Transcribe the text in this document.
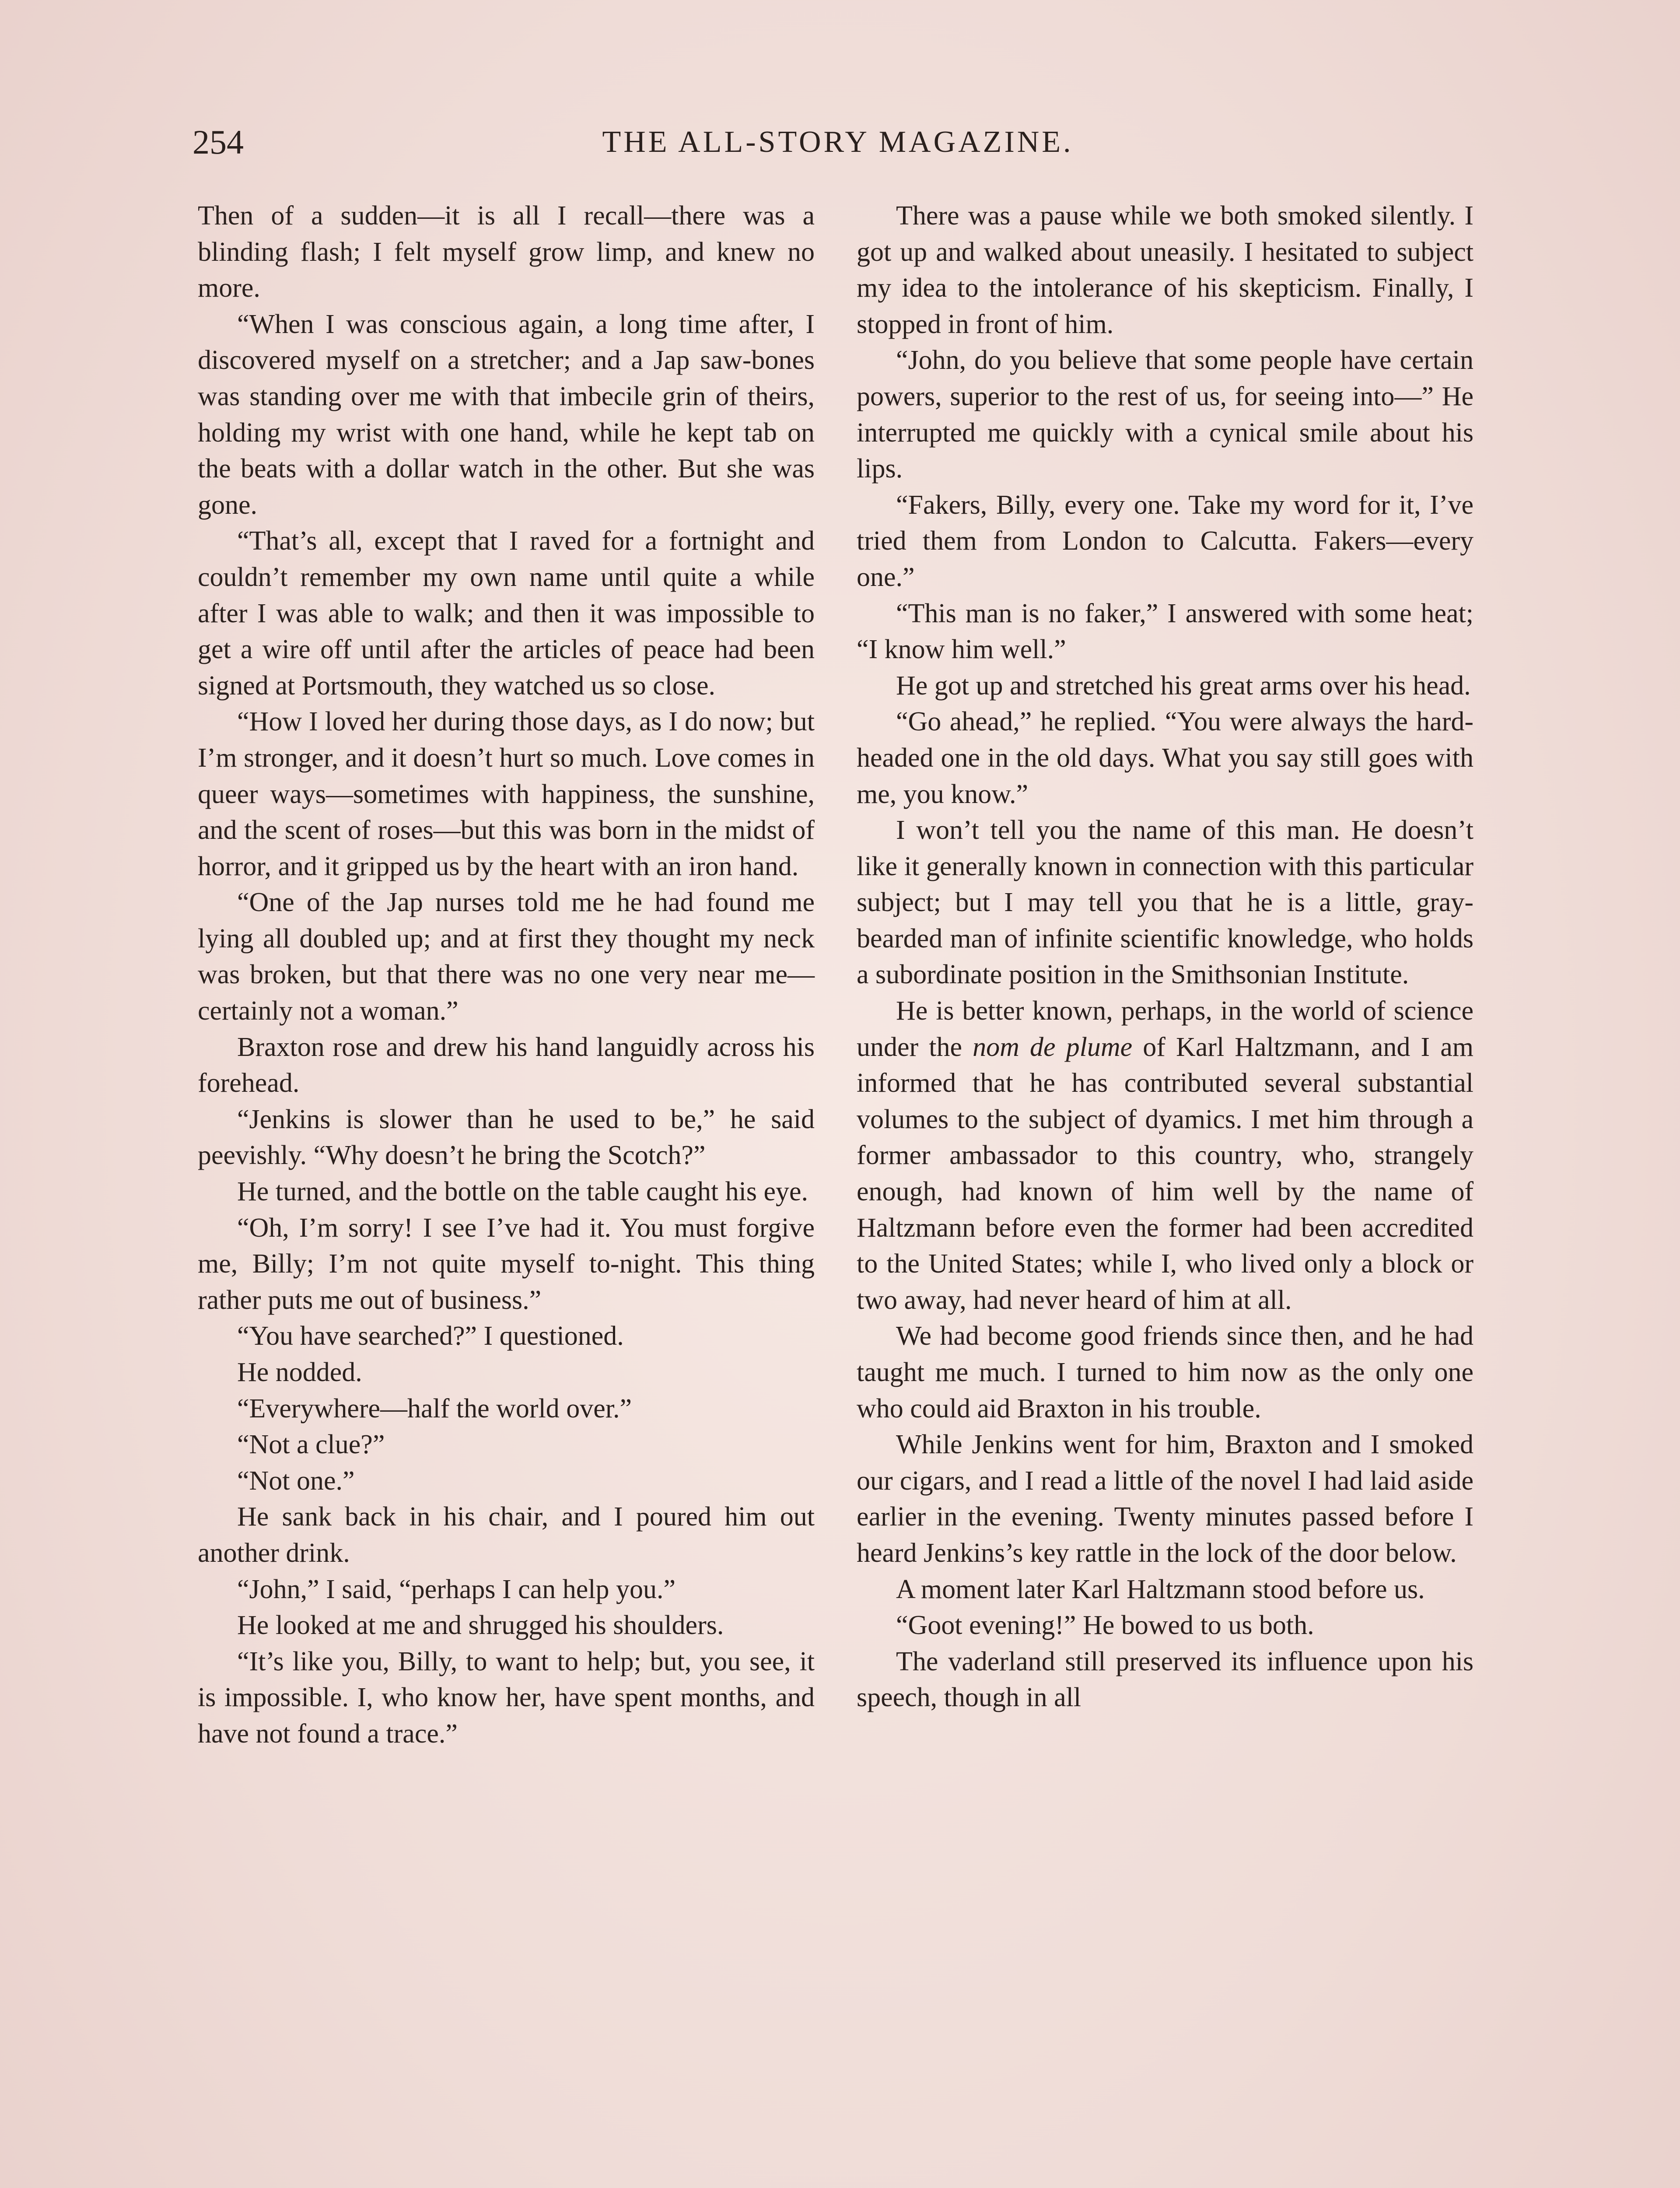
254	THE ALL-STORY MAGAZINE.

Then of a sudden—it is all I recall—there was a blinding flash; I felt myself grow limp, and knew no more.

“When I was conscious again, a long time after, I discovered myself on a stretcher; and a Jap saw-bones was standing over me with that imbecile grin of theirs, holding my wrist with one hand, while he kept tab on the beats with a dollar watch in the other. But she was gone.

“That’s all, except that I raved for a fortnight and couldn’t remember my own name until quite a while after I was able to walk; and then it was impossible to get a wire off until after the articles of peace had been signed at Portsmouth, they watched us so close.

“How I loved her during those days, as I do now; but I’m stronger, and it doesn’t hurt so much. Love comes in queer ways—sometimes with happiness, the sunshine, and the scent of roses—but this was born in the midst of horror, and it gripped us by the heart with an iron hand.

“One of the Jap nurses told me he had found me lying all doubled up; and at first they thought my neck was broken, but that there was no one very near me—certainly not a woman.”

Braxton rose and drew his hand languidly across his forehead.

“Jenkins is slower than he used to be,” he said peevishly. “Why doesn’t he bring the Scotch?”

He turned, and the bottle on the table caught his eye.

“Oh, I’m sorry! I see I’ve had it. You must forgive me, Billy; I’m not quite myself to-night. This thing rather puts me out of business.”

“You have searched?” I questioned.

He nodded.

“Everywhere—half the world over.”

“Not a clue?”

“Not one.”

He sank back in his chair, and I poured him out another drink.

“John,” I said, “perhaps I can help you.”

He looked at me and shrugged his shoulders.

“It’s like you, Billy, to want to help; but, you see, it is impossible. I, who know her, have spent months, and have not found a trace.”

There was a pause while we both smoked silently. I got up and walked about uneasily. I hesitated to subject my idea to the intolerance of his skepticism. Finally, I stopped in front of him.

“John, do you believe that some people have certain powers, superior to the rest of us, for seeing into—” He interrupted me quickly with a cynical smile about his lips.

“Fakers, Billy, every one. Take my word for it, I’ve tried them from London to Calcutta. Fakers—every one.”

“This man is no faker,” I answered with some heat; “I know him well.”

He got up and stretched his great arms over his head.

“Go ahead,” he replied. “You were always the hard-headed one in the old days. What you say still goes with me, you know.”

I won’t tell you the name of this man. He doesn’t like it generally known in connection with this particular subject; but I may tell you that he is a little, gray-bearded man of infinite scientific knowledge, who holds a subordinate position in the Smithsonian Institute.

He is better known, perhaps, in the world of science under the nom de plume of Karl Haltzmann, and I am informed that he has contributed several substantial volumes to the subject of dyamics. I met him through a former ambassador to this country, who, strangely enough, had known of him well by the name of Haltzmann before even the former had been accredited to the United States; while I, who lived only a block or two away, had never heard of him at all.

We had become good friends since then, and he had taught me much. I turned to him now as the only one who could aid Braxton in his trouble.

While Jenkins went for him, Braxton and I smoked our cigars, and I read a little of the novel I had laid aside earlier in the evening. Twenty minutes passed before I heard Jenkins’s key rattle in the lock of the door below.

A moment later Karl Haltzmann stood before us.

“Goot evening!” He bowed to us both.

The vaderland still preserved its influence upon his speech, though in all
